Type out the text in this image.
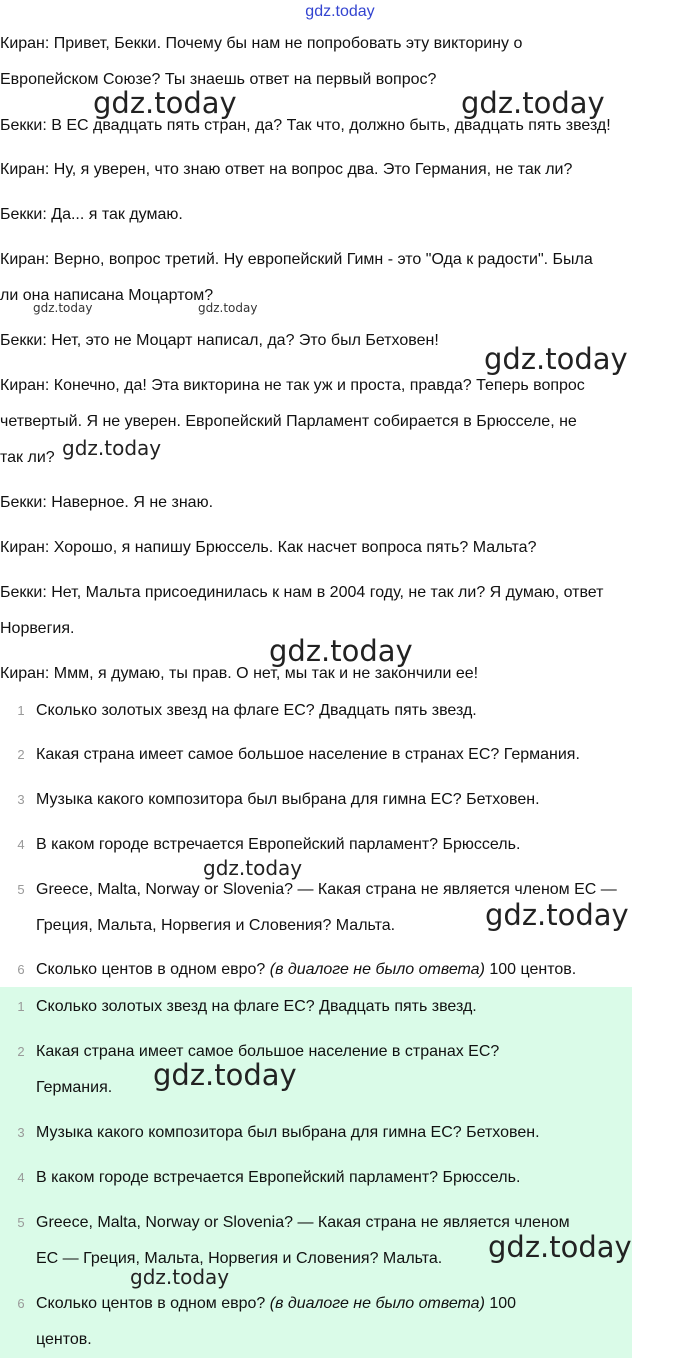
gdz.today

Киран: Привет, Бекки. Почему бы нам не попробовать эту викторину о

Европейском Союзе? Ты знаешь ответ на первый вопрос?

Бекки: В ЕС двадцать пять стран, да? Так что, должно быть, двадцать пять звезд!

Киран: Ну, я уверен, что знаю ответ на вопрос два. Это Германия, не так ли?

Бекки: Да... я так думаю.

Киран: Верно, вопрос третий. Ну европейский Гимн - это "Ода к радости". Была

ли она написана Моцартом?

Бекки: Нет, это не Моцарт написал, да? Это был Бетховен!

Киран: Конечно, да! Эта викторина не так уж и проста, правда? Теперь вопрос

четвертый. Я не уверен. Европейский Парламент собирается в Брюсселе, не

так ли?

Бекки: Наверное. Я не знаю.

Киран: Хорошо, я напишу Брюссель. Как насчет вопроса пять? Мальта?

Бекки: Нет, Мальта присоединилась к нам в 2004 году, не так ли? Я думаю, ответ

Норвегия.

Киран: Ммм, я думаю, ты прав. О нет, мы так и не закончили ее!

1 Сколько золотых звезд на флаге ЕС? Двадцать пять звезд.
2 Какая страна имеет самое большое население в странах ЕС? Германия.
3 Музыка какого композитора был выбрана для гимна ЕС? Бетховен.
4 В каком городе встречается Европейский парламент? Брюссель.
5 Greece, Malta, Norway or Slovenia? — Какая страна не является членом ЕС —
Греция, Мальта, Норвегия и Словения? Мальта.
6 Сколько центов в одном евро? (в диалоге не было ответа) 100 центов.
1 Сколько золотых звезд на флаге ЕС? Двадцать пять звезд.
2 Какая страна имеет самое большое население в странах ЕС?
Германия.
3 Музыка какого композитора был выбрана для гимна ЕС? Бетховен.
4 В каком городе встречается Европейский парламент? Брюссель.
5 Greece, Malta, Norway or Slovenia? — Какая страна не является членом
ЕС — Греция, Мальта, Норвегия и Словения? Мальта.
6 Сколько центов в одном евро? (в диалоге не было ответа) 100
центов.
gdz.today	gdz.today
gdz.today	gdz.today
gdz.today
gdz.today
gdz.today
gdz.today
gdz.today
gdz.today
gdz.today
gdz.today
